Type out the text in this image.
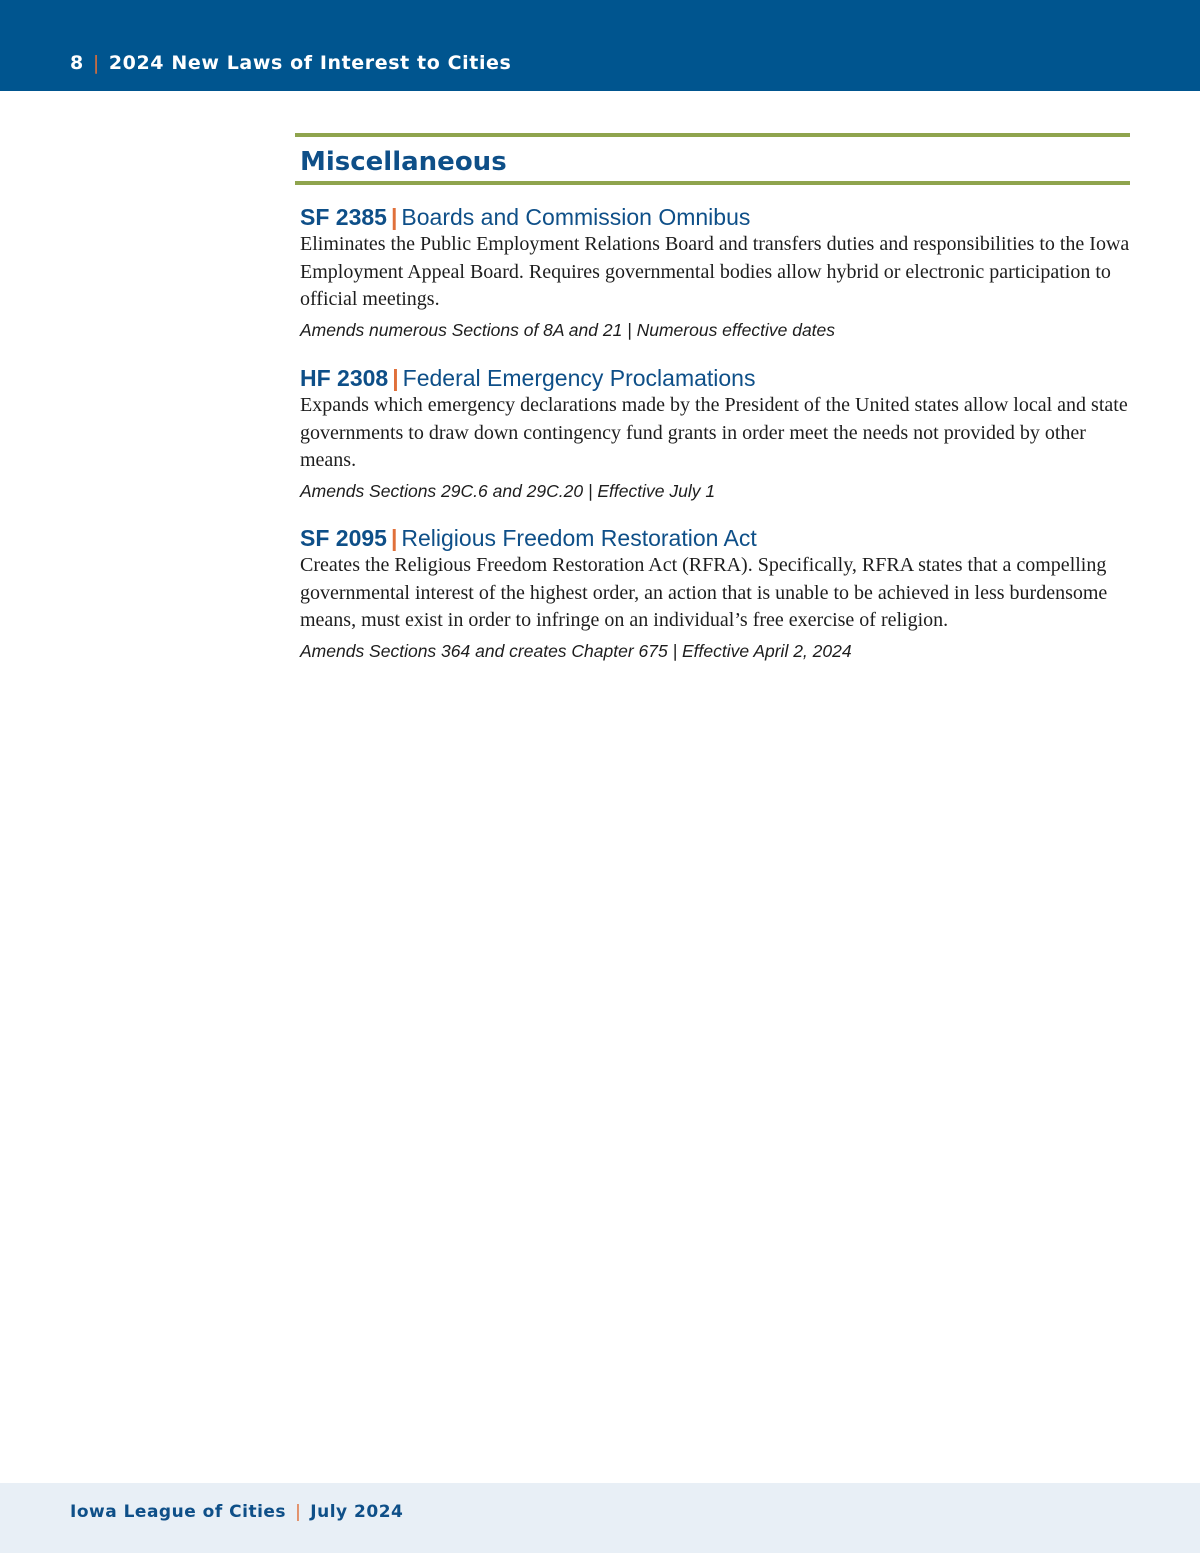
8 | 2024 New Laws of Interest to Cities
Miscellaneous
SF 2385 | Boards and Commission Omnibus

Eliminates the Public Employment Relations Board and transfers duties and responsibilities to the Iowa Employment Appeal Board. Requires governmental bodies allow hybrid or electronic participation to official meetings.

Amends numerous Sections of 8A and 21 | Numerous effective dates

HF 2308 | Federal Emergency Proclamations

Expands which emergency declarations made by the President of the United states allow local and state governments to draw down contingency fund grants in order meet the needs not provided by other means.

Amends Sections 29C.6 and 29C.20 | Effective July 1

SF 2095 | Religious Freedom Restoration Act

Creates the Religious Freedom Restoration Act (RFRA). Specifically, RFRA states that a compelling governmental interest of the highest order, an action that is unable to be achieved in less burdensome means, must exist in order to infringe on an individual’s free exercise of religion.

Amends Sections 364 and creates Chapter 675 | Effective April 2, 2024

Iowa League of Cities | July 2024
